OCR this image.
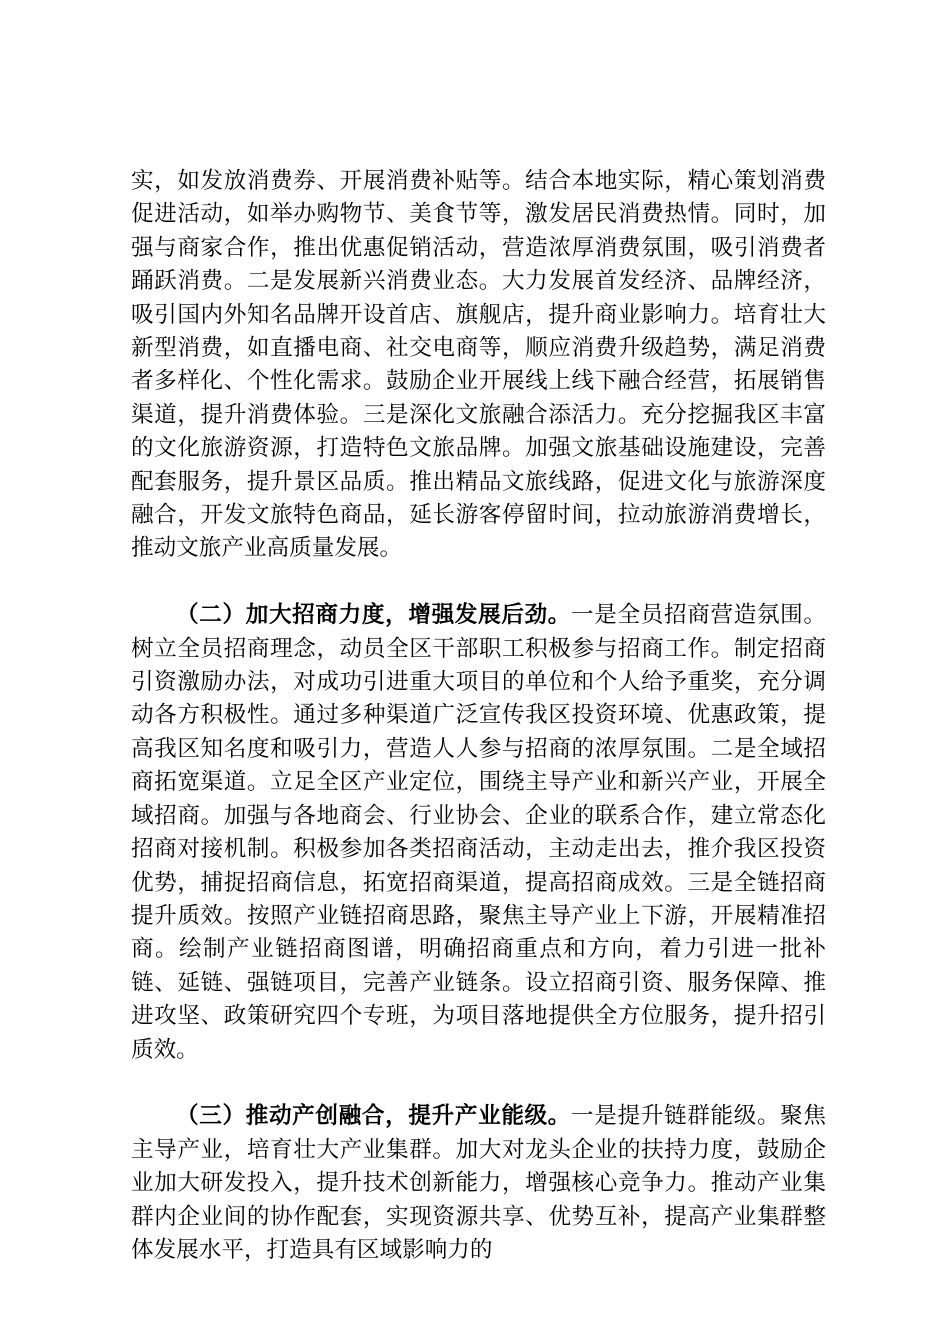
实，如发放消费券、开展消费补贴等。结合本地实际，精心策划消费促进活动，如举办购物节、美食节等，激发居民消费热情。同时，加强与商家合作，推出优惠促销活动，营造浓厚消费氛围，吸引消费者踊跃消费。二是发展新兴消费业态。大力发展首发经济、品牌经济，吸引国内外知名品牌开设首店、旗舰店，提升商业影响力。培育壮大新型消费，如直播电商、社交电商等，顺应消费升级趋势，满足消费者多样化、个性化需求。鼓励企业开展线上线下融合经营，拓展销售渠道，提升消费体验。三是深化文旅融合添活力。充分挖掘我区丰富的文化旅游资源，打造特色文旅品牌。加强文旅基础设施建设，完善配套服务，提升景区品质。推出精品文旅线路，促进文化与旅游深度融合，开发文旅特色商品，延长游客停留时间，拉动旅游消费增长，推动文旅产业高质量发展。

（二）加大招商力度，增强发展后劲。一是全员招商营造氛围。树立全员招商理念，动员全区干部职工积极参与招商工作。制定招商引资激励办法，对成功引进重大项目的单位和个人给予重奖，充分调动各方积极性。通过多种渠道广泛宣传我区投资环境、优惠政策，提高我区知名度和吸引力，营造人人参与招商的浓厚氛围。二是全域招商拓宽渠道。立足全区产业定位，围绕主导产业和新兴产业，开展全域招商。加强与各地商会、行业协会、企业的联系合作，建立常态化招商对接机制。积极参加各类招商活动，主动走出去，推介我区投资优势，捕捉招商信息，拓宽招商渠道，提高招商成效。三是全链招商提升质效。按照产业链招商思路，聚焦主导产业上下游，开展精准招商。绘制产业链招商图谱，明确招商重点和方向，着力引进一批补链、延链、强链项目，完善产业链条。设立招商引资、服务保障、推进攻坚、政策研究四个专班，为项目落地提供全方位服务，提升招引质效。

（三）推动产创融合，提升产业能级。一是提升链群能级。聚焦主导产业，培育壮大产业集群。加大对龙头企业的扶持力度，鼓励企业加大研发投入，提升技术创新能力，增强核心竞争力。推动产业集群内企业间的协作配套，实现资源共享、优势互补，提高产业集群整体发展水平，打造具有区域影响力的
